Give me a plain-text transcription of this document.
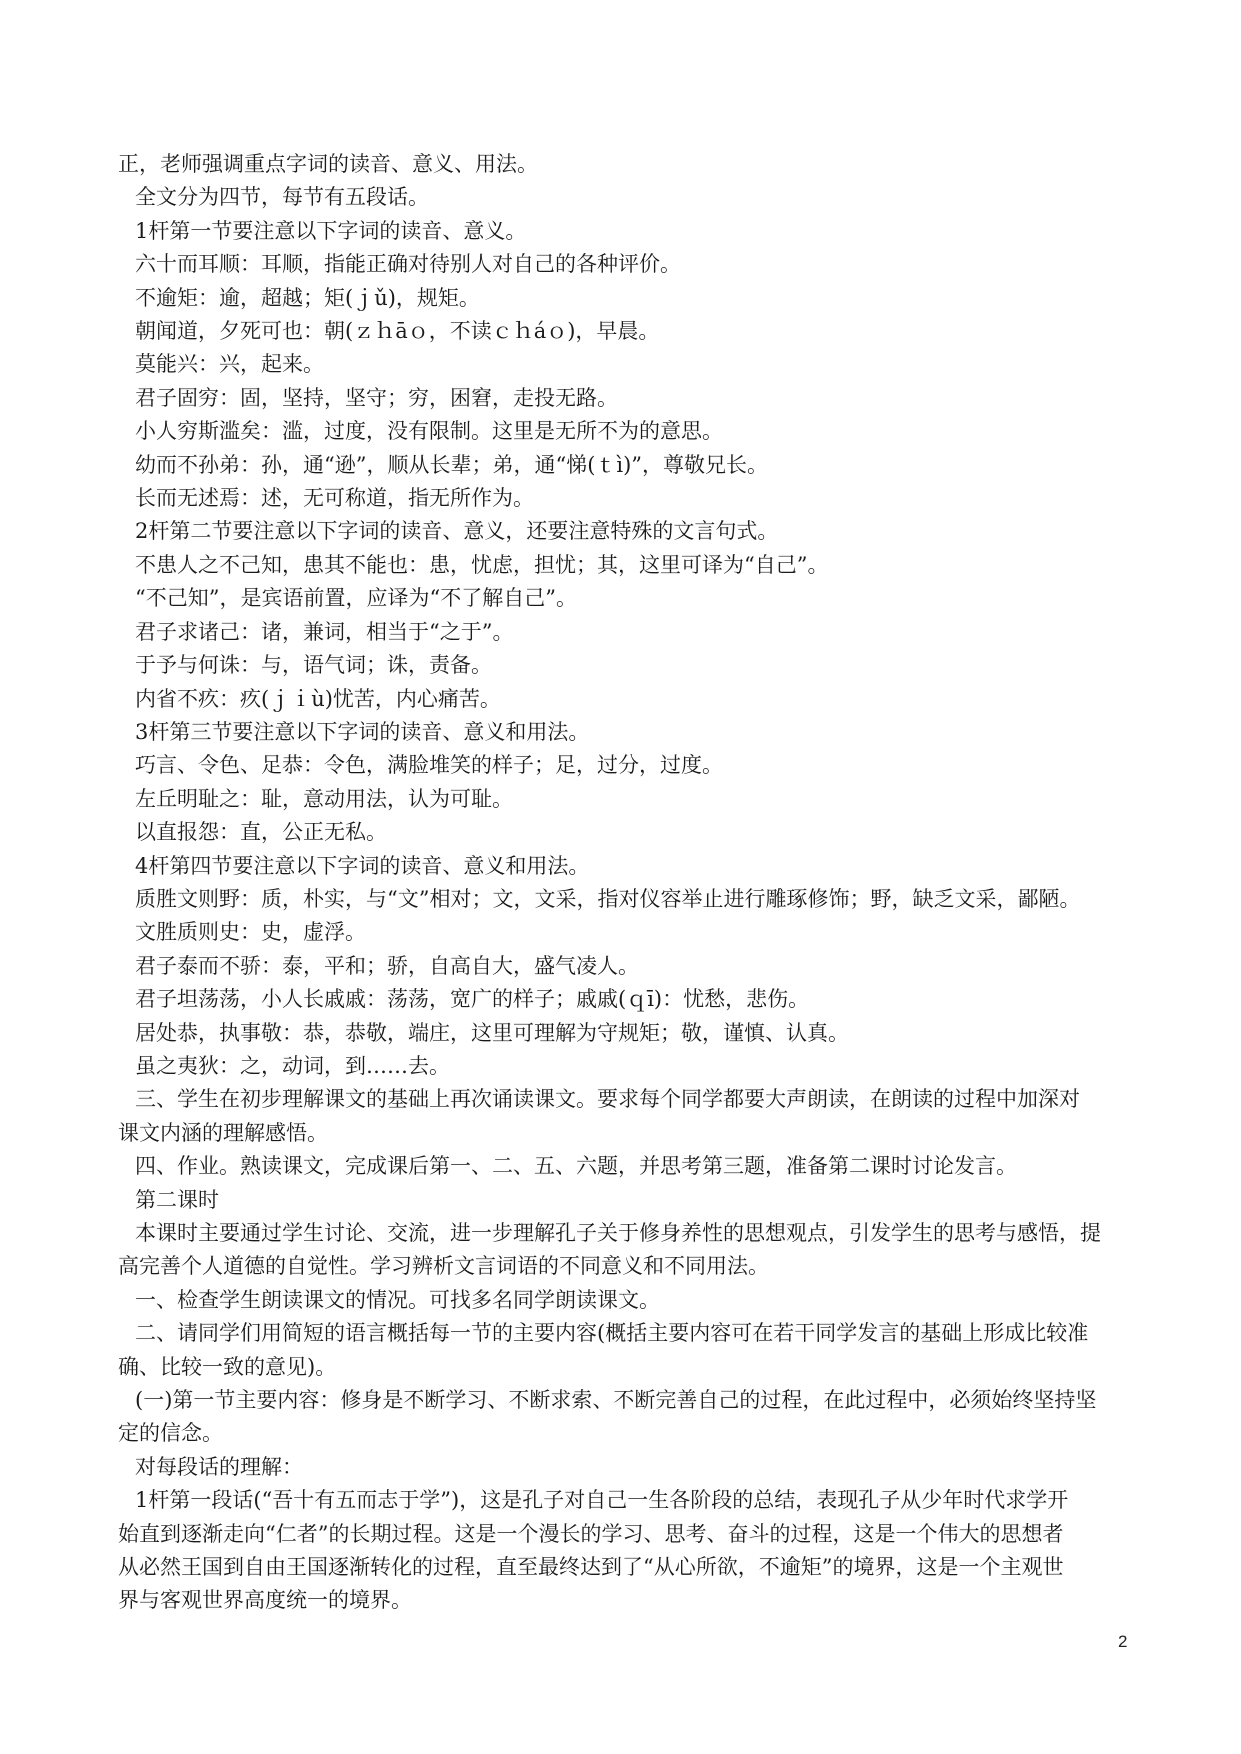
正，老师强调重点字词的读音、意义、用法。

全文分为四节，每节有五段话。

1杆第一节要注意以下字词的读音、意义。

六十而耳顺：耳顺，指能正确对待别人对自己的各种评价。

不逾矩：逾，超越；矩(ｊǔ)，规矩。

朝闻道，夕死可也：朝(ｚｈāｏ，不读ｃｈáｏ)，早晨。

莫能兴：兴，起来。

君子固穷：固，坚持，坚守；穷，困窘，走投无路。

小人穷斯滥矣：滥，过度，没有限制。这里是无所不为的意思。

幼而不孙弟：孙，通“逊”，顺从长辈；弟，通“悌(ｔì)”，尊敬兄长。

长而无述焉：述，无可称道，指无所作为。

2杆第二节要注意以下字词的读音、意义，还要注意特殊的文言句式。

不患人之不己知，患其不能也：患，忧虑，担忧；其，这里可译为“自己”。

“不己知”，是宾语前置，应译为“不了解自己”。

君子求诸己：诸，兼词，相当于“之于”。

于予与何诛：与，语气词；诛，责备。

内省不疚：疚(ｊｉù)忧苦，内心痛苦。

3杆第三节要注意以下字词的读音、意义和用法。

巧言、令色、足恭：令色，满脸堆笑的样子；足，过分，过度。

左丘明耻之：耻，意动用法，认为可耻。

以直报怨：直，公正无私。

4杆第四节要注意以下字词的读音、意义和用法。

质胜文则野：质，朴实，与“文”相对；文，文采，指对仪容举止进行雕琢修饰；野，缺乏文采，鄙陋。

文胜质则史：史，虚浮。

君子泰而不骄：泰，平和；骄，自高自大，盛气凌人。

君子坦荡荡，小人长戚戚：荡荡，宽广的样子；戚戚(ｑī)：忧愁，悲伤。

居处恭，执事敬：恭，恭敬，端庄，这里可理解为守规矩；敬，谨慎、认真。

虽之夷狄：之，动词，到……去。

三、学生在初步理解课文的基础上再次诵读课文。要求每个同学都要大声朗读，在朗读的过程中加深对

课文内涵的理解感悟。

四、作业。熟读课文，完成课后第一、二、五、六题，并思考第三题，准备第二课时讨论发言。

第二课时

本课时主要通过学生讨论、交流，进一步理解孔子关于修身养性的思想观点，引发学生的思考与感悟，提

高完善个人道德的自觉性。学习辨析文言词语的不同意义和不同用法。

一、检查学生朗读课文的情况。可找多名同学朗读课文。

二、请同学们用简短的语言概括每一节的主要内容(概括主要内容可在若干同学发言的基础上形成比较准

确、比较一致的意见)。

(一)第一节主要内容：修身是不断学习、不断求索、不断完善自己的过程，在此过程中，必须始终坚持坚

定的信念。

对每段话的理解：

1杆第一段话(“吾十有五而志于学”)，这是孔子对自己一生各阶段的总结，表现孔子从少年时代求学开

始直到逐渐走向“仁者”的长期过程。这是一个漫长的学习、思考、奋斗的过程，这是一个伟大的思想者

从必然王国到自由王国逐渐转化的过程，直至最终达到了“从心所欲，不逾矩”的境界，这是一个主观世

界与客观世界高度统一的境界。

2
